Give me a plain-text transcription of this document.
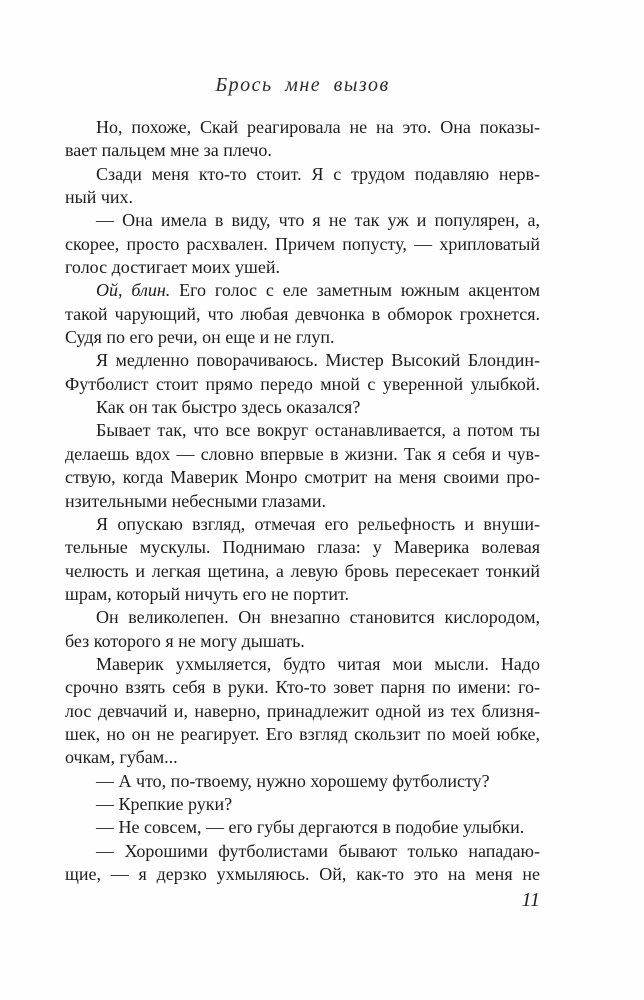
Брось мне вызов
Но, похоже, Скай реагировала не на это. Она показы-
вает пальцем мне за плечо.
Сзади меня кто-то стоит. Я с трудом подавляю нерв-
ный чих.
— Она имела в виду, что я не так уж и популярен, а,
скорее, просто расхвален. Причем попусту, — хрипловатый
голос достигает моих ушей.
Ой, блин. Его голос с еле заметным южным акцентом
такой чарующий, что любая девчонка в обморок грохнется.
Судя по его речи, он еще и не глуп.
Я медленно поворачиваюсь. Мистер Высокий Блондин-
Футболист стоит прямо передо мной с уверенной улыбкой.
Как он так быстро здесь оказался?
Бывает так, что все вокруг останавливается, а потом ты
делаешь вдох — словно впервые в жизни. Так я себя и чув-
ствую, когда Маверик Монро смотрит на меня своими про-
нзительными небесными глазами.
Я опускаю взгляд, отмечая его рельефность и внуши-
тельные мускулы. Поднимаю глаза: у Маверика волевая
челюсть и легкая щетина, а левую бровь пересекает тонкий
шрам, который ничуть его не портит.
Он великолепен. Он внезапно становится кислородом,
без которого я не могу дышать.
Маверик ухмыляется, будто читая мои мысли. Надо
срочно взять себя в руки. Кто-то зовет парня по имени: го-
лос девчачий и, наверно, принадлежит одной из тех близня-
шек, но он не реагирует. Его взгляд скользит по моей юбке,
очкам, губам...
— А что, по-твоему, нужно хорошему футболисту?
— Крепкие руки?
— Не совсем, — его губы дергаются в подобие улыбки.
— Хорошими футболистами бывают только нападаю-
щие, — я дерзко ухмыляюсь. Ой, как-то это на меня не
11
